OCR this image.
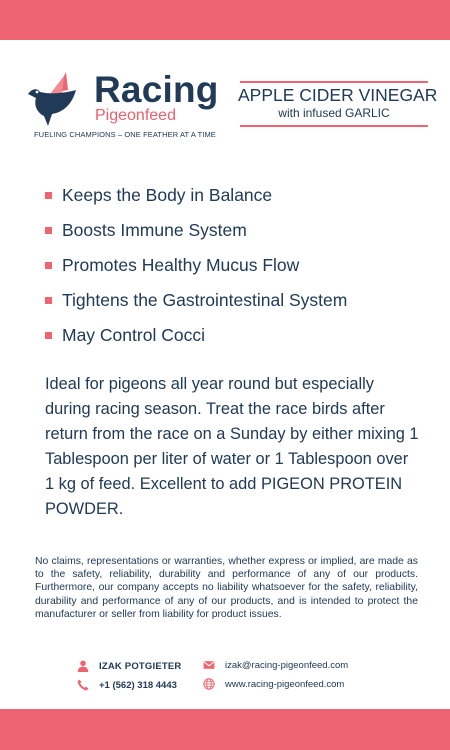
Racing
Pigeonfeed
FUELING CHAMPIONS – ONE FEATHER AT A TIME
APPLE CIDER VINEGAR
with infused GARLIC
Keeps the Body in Balance
Boosts Immune System
Promotes Healthy Mucus Flow
Tightens the Gastrointestinal System
May Control Cocci

Ideal for pigeons all year round but especially during racing season. Treat the race birds after return from the race on a Sunday by either mixing 1 Tablespoon per liter of water or 1 Tablespoon over 1 kg of feed. Excellent to add PIGEON PROTEIN POWDER.

No claims, representations or warranties, whether express or implied, are made as to the safety, reliability, durability and performance of any of our products. Furthermore, our company accepts no liability whatsoever for the safety, reliability, durability and performance of any of our products, and is intended to protect the manufacturer or seller from liability for product issues.

IZAK POTGIETER
+1 (562) 318 4443
izak@racing-pigeonfeed.com
www.racing-pigeonfeed.com
